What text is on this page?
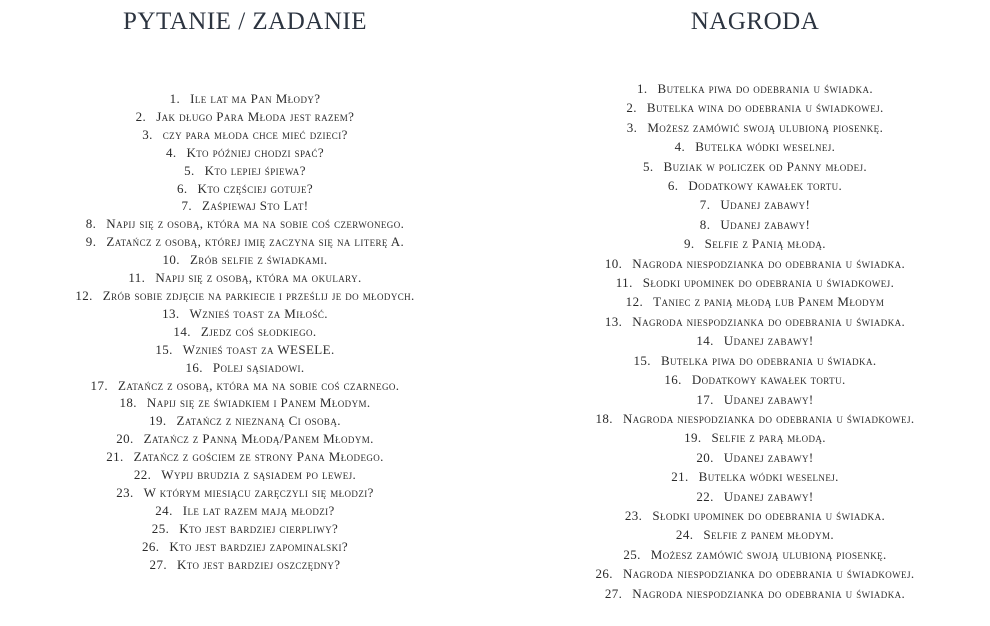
PYTANIE / ZADANIE
1. Ile lat ma Pan Młody?
2. Jak długo Para Młoda jest razem?
3. czy para młoda chce mieć dzieci?
4. Kto później chodzi spać?
5. Kto lepiej śpiewa?
6. Kto częściej gotuje?
7. Zaśpiewaj Sto Lat!
8. Napij się z osobą, która ma na sobie coś czerwonego.
9. Zatańcz z osobą, której imię zaczyna się na literę A.
10. Zrób selfie z świadkami.
11. Napij się z osobą, która ma okulary.
12. Zrób sobie zdjęcie na parkiecie i prześlij je do młodych.
13. Wznieś toast za Miłość.
14. Zjedz coś słodkiego.
15. Wznieś toast za WESELE.
16. Polej sąsiadowi.
17. Zatańcz z osobą, która ma na sobie coś czarnego.
18. Napij się ze świadkiem i Panem Młodym.
19. Zatańcz z nieznaną Ci osobą.
20. Zatańcz z Panną Młodą/Panem Młodym.
21. Zatańcz z gościem ze strony Pana Młodego.
22. Wypij brudzia z sąsiadem po lewej.
23. W którym miesiącu zaręczyli się młodzi?
24. Ile lat razem mają młodzi?
25. Kto jest bardziej cierpliwy?
26. Kto jest bardziej zapominalski?
27. Kto jest bardziej oszczędny?
NAGRODA
1. Butelka piwa do odebrania u świadka.
2. Butelka wina do odebrania u świadkowej.
3. Możesz zamówić swoją ulubioną piosenkę.
4. Butelka wódki weselnej.
5. Buziak w policzek od Panny młodej.
6. Dodatkowy kawałek tortu.
7. Udanej zabawy!
8. Udanej zabawy!
9. Selfie z Panią młodą.
10. Nagroda niespodzianka do odebrania u świadka.
11. Słodki upominek do odebrania u świadkowej.
12. Taniec z panią młodą lub Panem Młodym
13. Nagroda niespodzianka do odebrania u świadka.
14. Udanej zabawy!
15. Butelka piwa do odebrania u świadka.
16. Dodatkowy kawałek tortu.
17. Udanej zabawy!
18. Nagroda niespodzianka do odebrania u świadkowej.
19. Selfie z parą młodą.
20. Udanej zabawy!
21. Butelka wódki weselnej.
22. Udanej zabawy!
23. Słodki upominek do odebrania u świadka.
24. Selfie z panem młodym.
25. Możesz zamówić swoją ulubioną piosenkę.
26. Nagroda niespodzianka do odebrania u świadkowej.
27. Nagroda niespodzianka do odebrania u świadka.
